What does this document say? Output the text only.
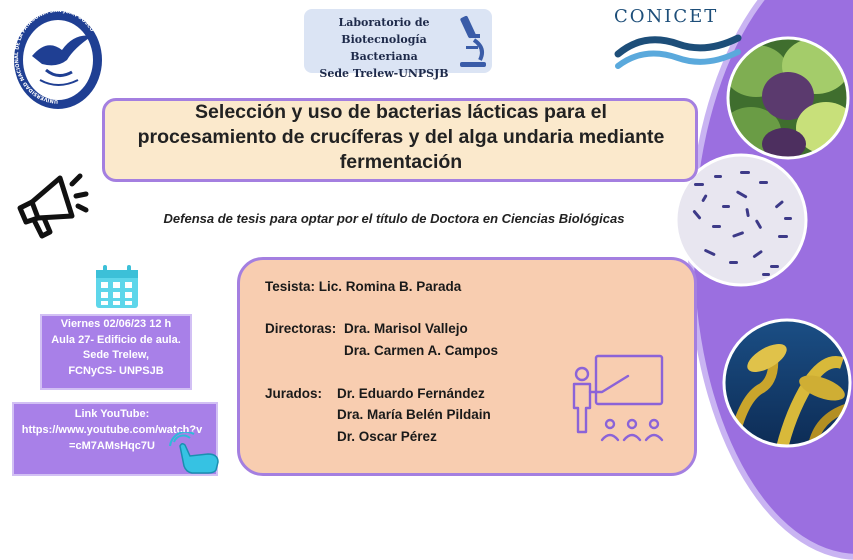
UNIVERSIDAD NACIONAL DE LA PATAGONIA SAN JUAN BOSCO
Laboratorio de
Biotecnología Bacteriana
Sede Trelew-UNPSJB
CONICET
Selección y uso de bacterias lácticas para el
procesamiento de crucíferas y del alga undaria mediante
fermentación
Defensa de tesis para optar por el título de Doctora en Ciencias Biológicas
Viernes 02/06/23 12 h
Aula 27- Edificio de aula.
Sede Trelew,
FCNyCS- UNPSJB
Link YouTube:
https://www.youtube.com/watch?v
=cM7AMsHqc7U
Tesista: Lic. Romina B. Parada
Directoras: Dra. Marisol Vallejo
Dra. Carmen A. Campos
Jurados: Dr. Eduardo Fernández
Dra. María Belén Pildain
Dr. Oscar Pérez
